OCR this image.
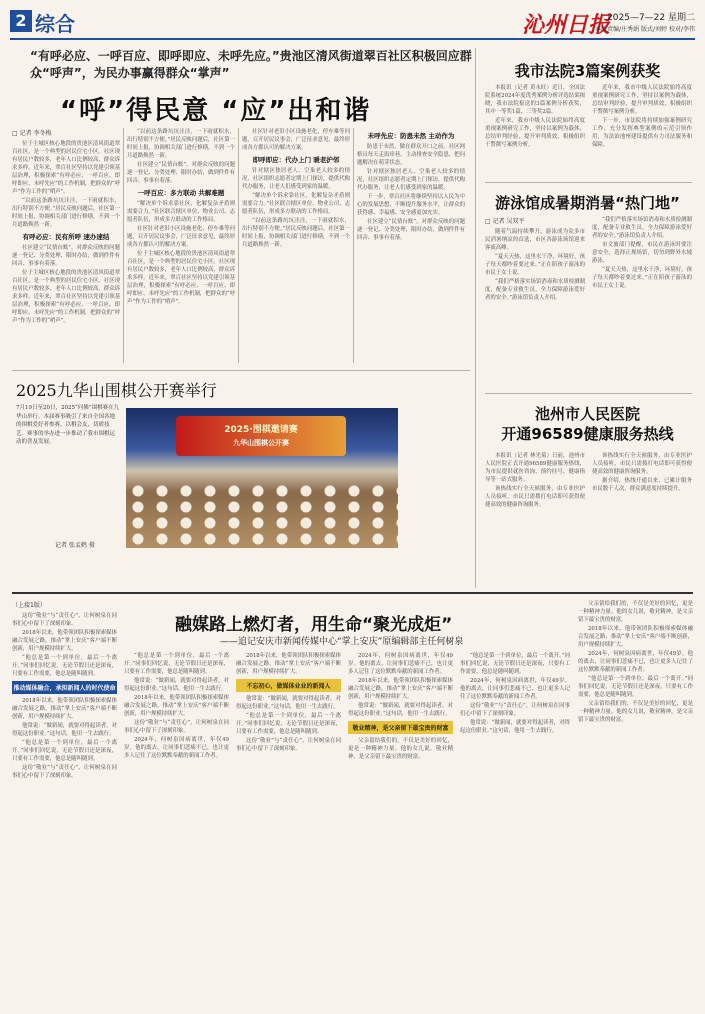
2 综合	沁州日报
2025—7—22 星期二
本版责编/庄秀娟 版式/刘婷 校对/李伟
“有呼必应、一呼百应、即呼即应、未呼先应。”贵池区清风街道翠百社区积极回应群众“呼声”，为民办事赢得群众“掌声”
“呼”得民意 “应”出和谐
□ 记者 李冬梅

位于主城区核心地段的贵池区清风街道翠百社区，是一个典型的居民住宅小区。社区现有居民户数较多，老年人口比例较高，群众诉求多样。近年来，翠百社区坚持以党建引领基层治理，积极探索“有呼必应、一呼百应、即呼即应、未呼先应”的工作机制，把群众的“呼声”作为工作的“哨声”。

“以前这条路坑坑洼洼，一下雨就积水，出行特别不方便。”居民反映问题后，社区第一时间上报，协调相关部门进行修缮，不到一个月道路焕然一新。

有呼必应：民有所呼 速办速结

社区建立“民情台账”，对群众反映的问题逐一登记、分类处理、限时办结，做到件件有回音、事事有着落。

位于主城区核心地段的贵池区清风街道翠百社区，是一个典型的居民住宅小区。社区现有居民户数较多，老年人口比例较高，群众诉求多样。近年来，翠百社区坚持以党建引领基层治理，积极探索“有呼必应、一呼百应、即呼即应、未呼先应”的工作机制，把群众的“呼声”作为工作的“哨声”。

“以前这条路坑坑洼洼，一下雨就积水，出行特别不方便。”居民反映问题后，社区第一时间上报，协调相关部门进行修缮，不到一个月道路焕然一新。

社区建立“民情台账”，对群众反映的问题逐一登记、分类处理、限时办结，做到件件有回音、事事有着落。

一呼百应：多方联动 共解难题

“解决单个诉求靠社区，化解复杂矛盾则需要合力。”社区联合辖区单位、物业公司、志愿者队伍，形成多方联动的工作格局。

社区针对老旧小区设施老化、停车难等问题，召开居民议事会，广泛征求意见，最终形成各方都认可的解决方案。

位于主城区核心地段的贵池区清风街道翠百社区，是一个典型的居民住宅小区。社区现有居民户数较多，老年人口比例较高，群众诉求多样。近年来，翠百社区坚持以党建引领基层治理，积极探索“有呼必应、一呼百应、即呼即应、未呼先应”的工作机制，把群众的“呼声”作为工作的“哨声”。

社区针对老旧小区设施老化、停车难等问题，召开居民议事会，广泛征求意见，最终形成各方都认可的解决方案。

即呼即应：代办上门 暖老护邻

针对辖区独居老人、空巢老人较多的情况，社区组织志愿者定期上门探访，提供代购代办服务，让老人们感受到家的温暖。

“解决单个诉求靠社区，化解复杂矛盾则需要合力。”社区联合辖区单位、物业公司、志愿者队伍，形成多方联动的工作格局。

“以前这条路坑坑洼洼，一下雨就积水，出行特别不方便。”居民反映问题后，社区第一时间上报，协调相关部门进行修缮，不到一个月道路焕然一新。

未呼先应：防患未然 主动作为

防患于未然，做在群众开口之前。社区网格员每天走街串巷，主动排查安全隐患，把问题解决在萌芽状态。

针对辖区独居老人、空巢老人较多的情况，社区组织志愿者定期上门探访，提供代购代办服务，让老人们感受到家的温暖。

下一步，翠百社区将继续坚持以人民为中心的发展思想，不断提升服务水平，让群众的获得感、幸福感、安全感更加充实。

社区建立“民情台账”，对群众反映的问题逐一登记、分类处理、限时办结，做到件件有回音、事事有着落。

我市法院3篇案例获奖

本报讯（记者 黄永旺）近日，全国法院系统2024年度优秀案例分析评选结果揭晓，我市法院报送的3篇案例分析获奖，其中一等奖1篇、三等奖2篇。

近年来，我市中级人民法院始终高度重视案例研究工作，坚持以案例为载体，总结审判经验，提升审判质效，积极组织干警撰写案例分析。

近年来，我市中级人民法院始终高度重视案例研究工作，坚持以案例为载体，总结审判经验，提升审判质效，积极组织干警撰写案例分析。

下一步，市法院将持续加强案例研究工作，充分发挥典型案例的示范引领作用，为法治池州建设提供有力司法服务和保障。

游泳馆成暑期消暑“热门地”
□ 记者 吴双平

随着气温持续攀升，游泳成为众多市民消暑纳凉的首选，市区各游泳场馆迎来客流高峰。

“夏天天热，这里水干净，环境好，孩子每天都吵着要过来。”正在陪孩子游泳的市民王女士说。

“我们严格落实场馆消毒和水质检测制度，配备专业救生员，全力保障游泳爱好者的安全。”游泳馆负责人介绍。

“我们严格落实场馆消毒和水质检测制度，配备专业救生员，全力保障游泳爱好者的安全。”游泳馆负责人介绍。

市文旅部门提醒，市民在游泳时要注意安全，选择正规场馆，切勿到野外水域游泳。

“夏天天热，这里水干净，环境好，孩子每天都吵着要过来。”正在陪孩子游泳的市民王女士说。

池州市人民医院
开通96589健康服务热线

本报讯（记者 林光菊）日前，池州市人民医院正式开通96589健康服务热线，为市民提供就医咨询、预约挂号、健康指导等一站式服务。

该热线实行全天候服务，由专业医护人员接听，市民只需拨打电话即可获得便捷高效的健康咨询服务。

该热线实行全天候服务，由专业医护人员接听，市民只需拨打电话即可获得便捷高效的健康咨询服务。

据介绍，热线开通以来，已累计服务市民数千人次，群众满意度持续提升。

2025九华山围棋公开赛举行
7月19日至20日，2025“问佛”围棋赛在九华山举行。本届赛事吸引了来自全国各地的围棋爱好者参赛，以棋会友，切磋技艺。赛事的举办进一步推动了我市围棋运动的普及发展。
2025·围棋邀请赛
九华山围棋公开赛
记者 张孟鹤 摄
融媒路上燃灯者，用生命“聚光成炬”
——追记安庆市新闻传媒中心“掌上安庆”原编辑部主任何树泉
（上接1版）

这份“敬业”与“责任心”，让何树泉在同事们心中留下了深刻印象。

2018年以来，他带领团队积极探索媒体融合发展之路，推动“掌上安庆”客户端不断创新，用户规模持续扩大。

“他总是第一个到单位，最后一个离开。”同事们回忆说，无论节假日还是深夜，只要有工作需要，他总是随叫随到。

推动媒体融合，承担新闻人的时代使命

2018年以来，他带领团队积极探索媒体融合发展之路，推动“掌上安庆”客户端不断创新，用户规模持续扩大。

他常说：“做新闻，就要对得起读者，对得起这份职业。”这句话，他用一生去践行。

“他总是第一个到单位，最后一个离开。”同事们回忆说，无论节假日还是深夜，只要有工作需要，他总是随叫随到。

这份“敬业”与“责任心”，让何树泉在同事们心中留下了深刻印象。

“他总是第一个到单位，最后一个离开。”同事们回忆说，无论节假日还是深夜，只要有工作需要，他总是随叫随到。

他常说：“做新闻，就要对得起读者，对得起这份职业。”这句话，他用一生去践行。

2018年以来，他带领团队积极探索媒体融合发展之路，推动“掌上安庆”客户端不断创新，用户规模持续扩大。

这份“敬业”与“责任心”，让何树泉在同事们心中留下了深刻印象。

2024年，何树泉因病离世，年仅49岁。他的离去，让同事们悲痛不已，也让更多人记住了这位默默奉献的新闻工作者。

2018年以来，他带领团队积极探索媒体融合发展之路，推动“掌上安庆”客户端不断创新，用户规模持续扩大。

不忘初心，做媒体业业的新闻人

他常说：“做新闻，就要对得起读者，对得起这份职业。”这句话，他用一生去践行。

“他总是第一个到单位，最后一个离开。”同事们回忆说，无论节假日还是深夜，只要有工作需要，他总是随叫随到。

这份“敬业”与“责任心”，让何树泉在同事们心中留下了深刻印象。

2024年，何树泉因病离世，年仅49岁。他的离去，让同事们悲痛不已，也让更多人记住了这位默默奉献的新闻工作者。

2018年以来，他带领团队积极探索媒体融合发展之路，推动“掌上安庆”客户端不断创新，用户规模持续扩大。

他常说：“做新闻，就要对得起读者，对得起这份职业。”这句话，他用一生去践行。

敬业精神，是父亲留下最宝贵的财富

父亲留给我们的，不仅是美好的回忆，更是一种精神力量。他的女儿说，敬业精神，是父亲留下最宝贵的财富。

“他总是第一个到单位，最后一个离开。”同事们回忆说，无论节假日还是深夜，只要有工作需要，他总是随叫随到。

2024年，何树泉因病离世，年仅49岁。他的离去，让同事们悲痛不已，也让更多人记住了这位默默奉献的新闻工作者。

这份“敬业”与“责任心”，让何树泉在同事们心中留下了深刻印象。

他常说：“做新闻，就要对得起读者，对得起这份职业。”这句话，他用一生去践行。

父亲留给我们的，不仅是美好的回忆，更是一种精神力量。他的女儿说，敬业精神，是父亲留下最宝贵的财富。

2018年以来，他带领团队积极探索媒体融合发展之路，推动“掌上安庆”客户端不断创新，用户规模持续扩大。

2024年，何树泉因病离世，年仅49岁。他的离去，让同事们悲痛不已，也让更多人记住了这位默默奉献的新闻工作者。

“他总是第一个到单位，最后一个离开。”同事们回忆说，无论节假日还是深夜，只要有工作需要，他总是随叫随到。

父亲留给我们的，不仅是美好的回忆，更是一种精神力量。他的女儿说，敬业精神，是父亲留下最宝贵的财富。
